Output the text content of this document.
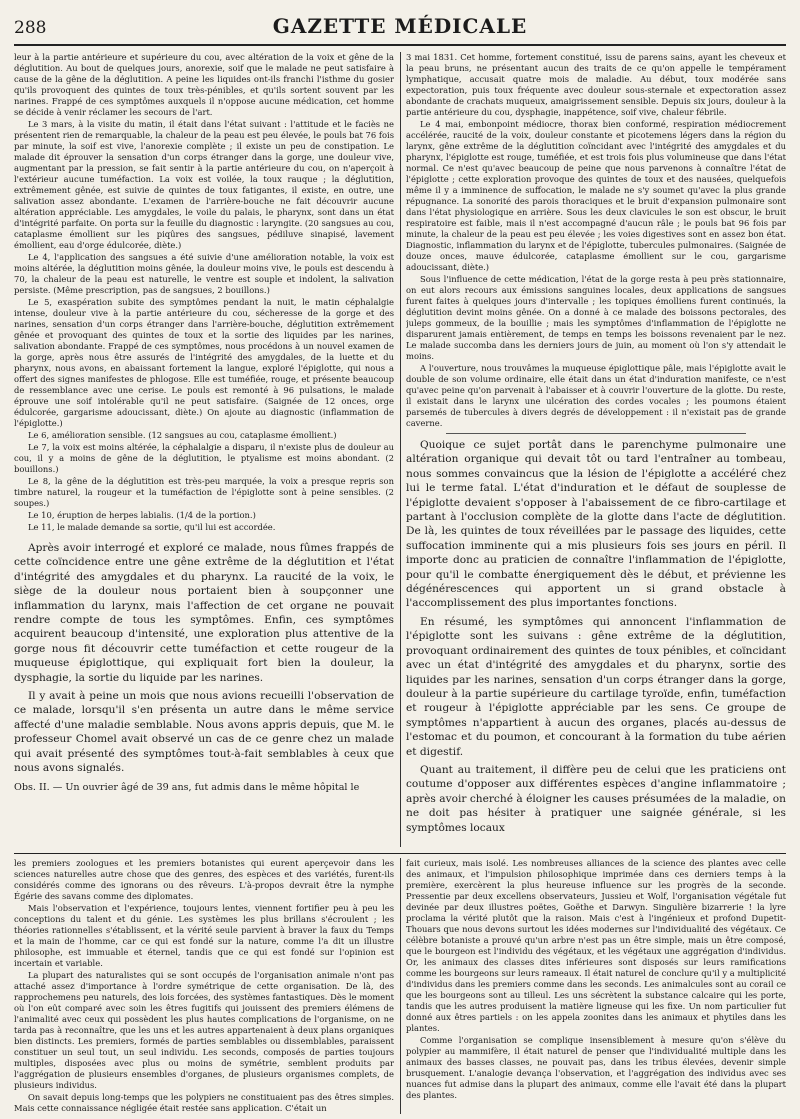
288	GAZETTE MÉDICALE

leur à la partie antérieure et supérieure du cou, avec altération de la voix et gêne de la déglutition. Au bout de quelques jours, anorexie, soif que le malade ne peut satisfaire à cause de la gêne de la déglutition. A peine les liquides ont-ils franchi l'isthme du gosier qu'ils provoquent des quintes de toux très-pénibles, et qu'ils sortent souvent par les narines. Frappé de ces symptômes auxquels il n'oppose aucune médication, cet homme se décide à venir réclamer les secours de l'art.

Le 3 mars, à la visite du matin, il était dans l'état suivant : l'attitude et le faciès ne présentent rien de remarquable, la chaleur de la peau est peu élevée, le pouls bat 76 fois par minute, la soif est vive, l'anorexie complète ; il existe un peu de constipation. Le malade dit éprouver la sensation d'un corps étranger dans la gorge, une douleur vive, augmentant par la pression, se fait sentir à la partie antérieure du cou, on n'aperçoit à l'extérieur aucune tuméfaction. La voix est voilée, la toux rauque ; la déglutition, extrêmement gênée, est suivie de quintes de toux fatigantes, il existe, en outre, une salivation assez abondante. L'examen de l'arrière-bouche ne fait découvrir aucune altération appréciable. Les amygdales, le voile du palais, le pharynx, sont dans un état d'intégrité parfaite. On porta sur la feuille du diagnostic : laryngite. (20 sangsues au cou, cataplasme émollient sur les piqûres des sangsues, pédiluve sinapisé, lavement émollient, eau d'orge édulcorée, diète.)

Le 4, l'application des sangsues a été suivie d'une amélioration notable, la voix est moins altérée, la déglutition moins gênée, la douleur moins vive, le pouls est descendu à 70, la chaleur de la peau est naturelle, le ventre est souple et indolent, la salivation persiste. (Même prescription, pas de sangsues, 2 bouillons.)

Le 5, exaspération subite des symptômes pendant la nuit, le matin céphalalgie intense, douleur vive à la partie antérieure du cou, sécheresse de la gorge et des narines, sensation d'un corps étranger dans l'arrière-bouche, déglutition extrêmement gênée et provoquant des quintes de toux et la sortie des liquides par les narines, salivation abondante. Frappé de ces symptômes, nous procédons à un nouvel examen de la gorge, après nous être assurés de l'intégrité des amygdales, de la luette et du pharynx, nous avons, en abaissant fortement la langue, exploré l'épiglotte, qui nous a offert des signes manifestes de phlogose. Elle est tuméfiée, rouge, et présente beaucoup de ressemblance avec une cerise. Le pouls est remonté à 96 pulsations, le malade éprouve une soif intolérable qu'il ne peut satisfaire. (Saignée de 12 onces, orge édulcorée, gargarisme adoucissant, diète.) On ajoute au diagnostic (inflammation de l'épiglotte.)

Le 6, amélioration sensible. (12 sangsues au cou, cataplasme émollient.)

Le 7, la voix est moins altérée, la céphalalgie a disparu, il n'existe plus de douleur au cou, il y a moins de gêne de la déglutition, le ptyalisme est moins abondant. (2 bouillons.)

Le 8, la gêne de la déglutition est très-peu marquée, la voix a presque repris son timbre naturel, la rougeur et la tuméfaction de l'épiglotte sont à peine sensibles. (2 soupes.)

Le 10, éruption de herpes labialis. (1/4 de la portion.)

Le 11, le malade demande sa sortie, qu'il lui est accordée.

Après avoir interrogé et exploré ce malade, nous fûmes frappés de cette coïncidence entre une gêne extrême de la déglutition et l'état d'intégrité des amygdales et du pharynx. La raucité de la voix, le siège de la douleur nous portaient bien à soupçonner une inflammation du larynx, mais l'affection de cet organe ne pouvait rendre compte de tous les symptômes. Enfin, ces symptômes acquirent beaucoup d'intensité, une exploration plus attentive de la gorge nous fit découvrir cette tuméfaction et cette rougeur de la muqueuse épiglottique, qui expliquait fort bien la douleur, la dysphagie, la sortie du liquide par les narines.

Il y avait à peine un mois que nous avions recueilli l'observation de ce malade, lorsqu'il s'en présenta un autre dans le même service affecté d'une maladie semblable. Nous avons appris depuis, que M. le professeur Chomel avait observé un cas de ce genre chez un malade qui avait présenté des symptômes tout-à-fait semblables à ceux que nous avons signalés.

Obs. II. — Un ouvrier âgé de 39 ans, fut admis dans le même hôpital le

3 mai 1831. Cet homme, fortement constitué, issu de parens sains, ayant les cheveux et la peau bruns, ne présentant aucun des traits de ce qu'on appelle le tempérament lymphatique, accusait quatre mois de maladie. Au début, toux modérée sans expectoration, puis toux fréquente avec douleur sous-sternale et expectoration assez abondante de crachats muqueux, amaigrissement sensible. Depuis six jours, douleur à la partie antérieure du cou, dysphagie, inappétence, soif vive, chaleur fébrile.

Le 4 mai, embonpoint médiocre, thorax bien conformé, respiration médiocrement accélérée, raucité de la voix, douleur constante et picotemens légers dans la région du larynx, gêne extrême de la déglutition coïncidant avec l'intégrité des amygdales et du pharynx, l'épiglotte est rouge, tuméfiée, et est trois fois plus volumineuse que dans l'état normal. Ce n'est qu'avec beaucoup de peine que nous parvenons à connaître l'état de l'épiglotte ; cette exploration provoque des quintes de toux et des nausées, quelquefois même il y a imminence de suffocation, le malade ne s'y soumet qu'avec la plus grande répugnance. La sonorité des parois thoraciques et le bruit d'expansion pulmonaire sont dans l'état physiologique en arrière. Sous les deux clavicules le son est obscur, le bruit respiratoire est faible, mais il n'est accompagné d'aucun râle ; le pouls bat 96 fois par minute, la chaleur de la peau est peu élevée ; les voies digestives sont en assez bon état. Diagnostic, inflammation du larynx et de l'épiglotte, tubercules pulmonaires. (Saignée de douze onces, mauve édulcorée, cataplasme émollient sur le cou, gargarisme adoucissant, diète.)

Sous l'influence de cette médication, l'état de la gorge resta à peu près stationnaire, on eut alors recours aux émissions sanguines locales, deux applications de sangsues furent faites à quelques jours d'intervalle ; les topiques émolliens furent continués, la déglutition devint moins gênée. On a donné à ce malade des boissons pectorales, des juleps gommeux, de la bouillie ; mais les symptômes d'inflammation de l'épiglotte ne disparurent jamais entièrement, de temps en temps les boissons revenaient par le nez. Le malade succomba dans les derniers jours de juin, au moment où l'on s'y attendait le moins.

A l'ouverture, nous trouvâmes la muqueuse épiglottique pâle, mais l'épiglotte avait le double de son volume ordinaire, elle était dans un état d'induration manifeste, ce n'est qu'avec peine qu'on parvenait à l'abaisser et à couvrir l'ouverture de la glotte. Du reste, il existait dans le larynx une ulcération des cordes vocales ; les poumons étaient parsemés de tubercules à divers degrés de développement : il n'existait pas de grande caverne.

Quoique ce sujet portât dans le parenchyme pulmonaire une altération organique qui devait tôt ou tard l'entraîner au tombeau, nous sommes convaincus que la lésion de l'épiglotte a accéléré chez lui le terme fatal. L'état d'induration et le défaut de souplesse de l'épiglotte devaient s'opposer à l'abaissement de ce fibro-cartilage et partant à l'occlusion complète de la glotte dans l'acte de déglutition. De là, les quintes de toux réveillées par le passage des liquides, cette suffocation imminente qui a mis plusieurs fois ses jours en péril. Il importe donc au praticien de connaître l'inflammation de l'épiglotte, pour qu'il le combatte énergiquement dès le début, et prévienne les dégénérescences qui apportent un si grand obstacle à l'accomplissement des plus importantes fonctions.

En résumé, les symptômes qui annoncent l'inflammation de l'épiglotte sont les suivans : gêne extrême de la déglutition, provoquant ordinairement des quintes de toux pénibles, et coïncidant avec un état d'intégrité des amygdales et du pharynx, sortie des liquides par les narines, sensation d'un corps étranger dans la gorge, douleur à la partie supérieure du cartilage tyroïde, enfin, tuméfaction et rougeur à l'épiglotte appréciable par les sens. Ce groupe de symptômes n'appartient à aucun des organes, placés au-dessus de l'estomac et du poumon, et concourant à la formation du tube aérien et digestif.

Quant au traitement, il diffère peu de celui que les praticiens ont coutume d'opposer aux différentes espèces d'angine inflammatoire ; après avoir cherché à éloigner les causes présumées de la maladie, on ne doit pas hésiter à pratiquer une saignée générale, si les symptômes locaux

les premiers zoologues et les premiers botanistes qui eurent aperçevoir dans les sciences naturelles autre chose que des genres, des espèces et des variétés, furent-ils considérés comme des ignorans ou des rêveurs. L'à-propos devrait être la nymphe Égérie des savans comme des diplomates.

Mais l'observation et l'expérience, toujours lentes, viennent fortifier peu à peu les conceptions du talent et du génie. Les systèmes les plus brillans s'écroulent ; les théories rationnelles s'établissent, et la vérité seule parvient à braver la faux du Temps et la main de l'homme, car ce qui est fondé sur la nature, comme l'a dit un illustre philosophe, est immuable et éternel, tandis que ce qui est fondé sur l'opinion est incertain et variable.

La plupart des naturalistes qui se sont occupés de l'organisation animale n'ont pas attaché assez d'importance à l'ordre symétrique de cette organisation. De là, des rapprochemens peu naturels, des lois forcées, des systèmes fantastiques. Dès le moment où l'on eût comparé avec soin les êtres fugitifs qui jouissent des premiers élémens de l'animalité avec ceux qui possèdent les plus hautes complications de l'organisme, on ne tarda pas à reconnaître, que les uns et les autres appartenaient à deux plans organiques bien distincts. Les premiers, formés de parties semblables ou dissemblables, paraissent constituer un seul tout, un seul individu. Les seconds, composés de parties toujours multiples, disposées avec plus ou moins de symétrie, semblent produits par l'aggrégation de plusieurs ensembles d'organes, de plusieurs organismes complets, de plusieurs individus.

On savait depuis long-temps que les polypiers ne constituaient pas des êtres simples. Mais cette connaissance négligée était restée sans application. C'était un

fait curieux, mais isolé. Les nombreuses alliances de la science des plantes avec celle des animaux, et l'impulsion philosophique imprimée dans ces derniers temps à la première, exercèrent la plus heureuse influence sur les progrès de la seconde. Pressentie par deux excellens observateurs, Jussieu et Wolf, l'organisation végétale fut devinée par deux illustres poëtes, Goëthe et Darwyn. Singulière bizarrerie ! la lyre proclama la vérité plutôt que la raison. Mais c'est à l'ingénieux et profond Dupetit-Thouars que nous devons surtout les idées modernes sur l'individualité des végétaux. Ce célèbre botaniste a prouvé qu'un arbre n'est pas un être simple, mais un être composé, que le bourgeon est l'individu des végétaux, et les végétaux une aggrégation d'individus. Or, les animaux des classes dites inférieures sont disposés sur leurs ramifications comme les bourgeons sur leurs rameaux. Il était naturel de conclure qu'il y a multiplicité d'individus dans les premiers comme dans les seconds. Les animalcules sont au corail ce que les bourgeons sont au tilleul. Les uns sécrètent la substance calcaire qui les porte, tandis que les autres produisent la matière ligneuse qui les fixe. Un nom particulier fut donné aux êtres partiels : on les appela zoonites dans les animaux et phytiles dans les plantes.

Comme l'organisation se complique insensiblement à mesure qu'on s'élève du polypier au mammifère, il était naturel de penser que l'individualité multiple dans les animaux des basses classes, ne pouvait pas, dans les tribus élevées, devenir simple brusquement. L'analogie devança l'observation, et l'aggrégation des individus avec ses nuances fut admise dans la plupart des animaux, comme elle l'avait été dans la plupart des plantes.
